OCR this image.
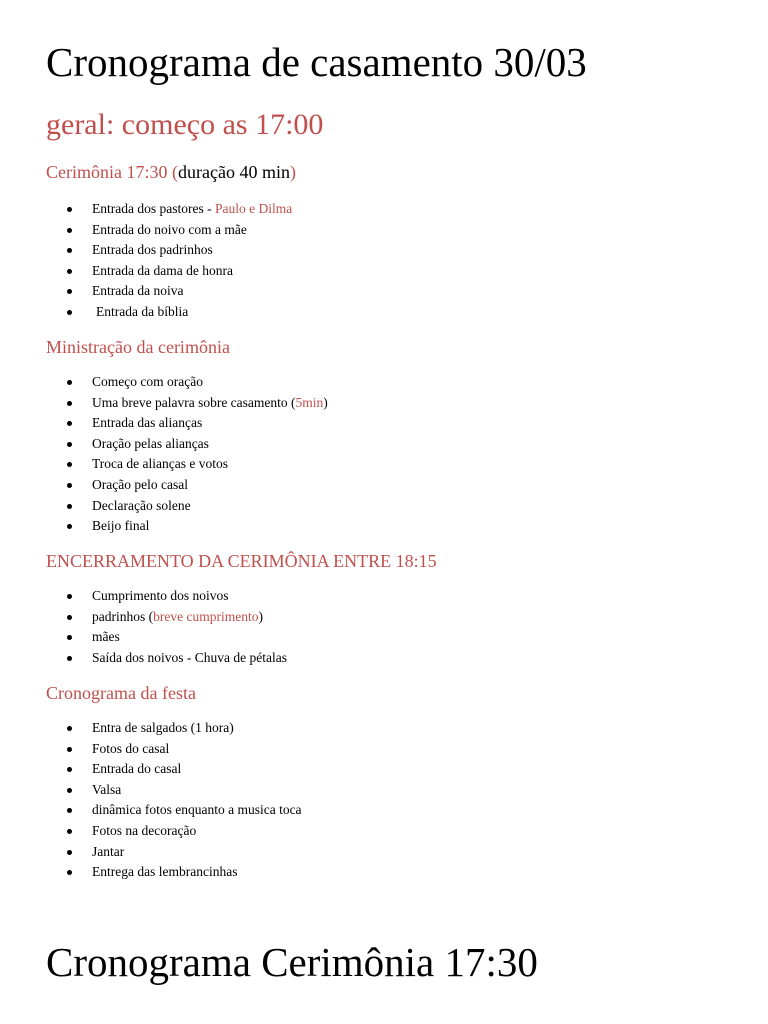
Cronograma de casamento 30/03
geral: começo as 17:00
Cerimônia 17:30 (duração 40 min)
Entrada dos pastores - Paulo e Dilma
Entrada do noivo com a mãe
Entrada dos padrinhos
Entrada da dama de honra
Entrada da noiva
Entrada da bíblia
Ministração da cerimônia
Começo com oração
Uma breve palavra sobre casamento (5min)
Entrada das alianças
Oração pelas alianças
Troca de alianças e votos
Oração pelo casal
Declaração solene
Beijo final
ENCERRAMENTO DA CERIMÔNIA ENTRE 18:15
Cumprimento dos noivos
padrinhos (breve cumprimento)
mães
Saída dos noivos - Chuva de pétalas
Cronograma da festa
Entra de salgados (1 hora)
Fotos do casal
Entrada do casal
Valsa
dinâmica fotos enquanto a musica toca
Fotos na decoração
Jantar
Entrega das lembrancinhas
Cronograma Cerimônia 17:30
